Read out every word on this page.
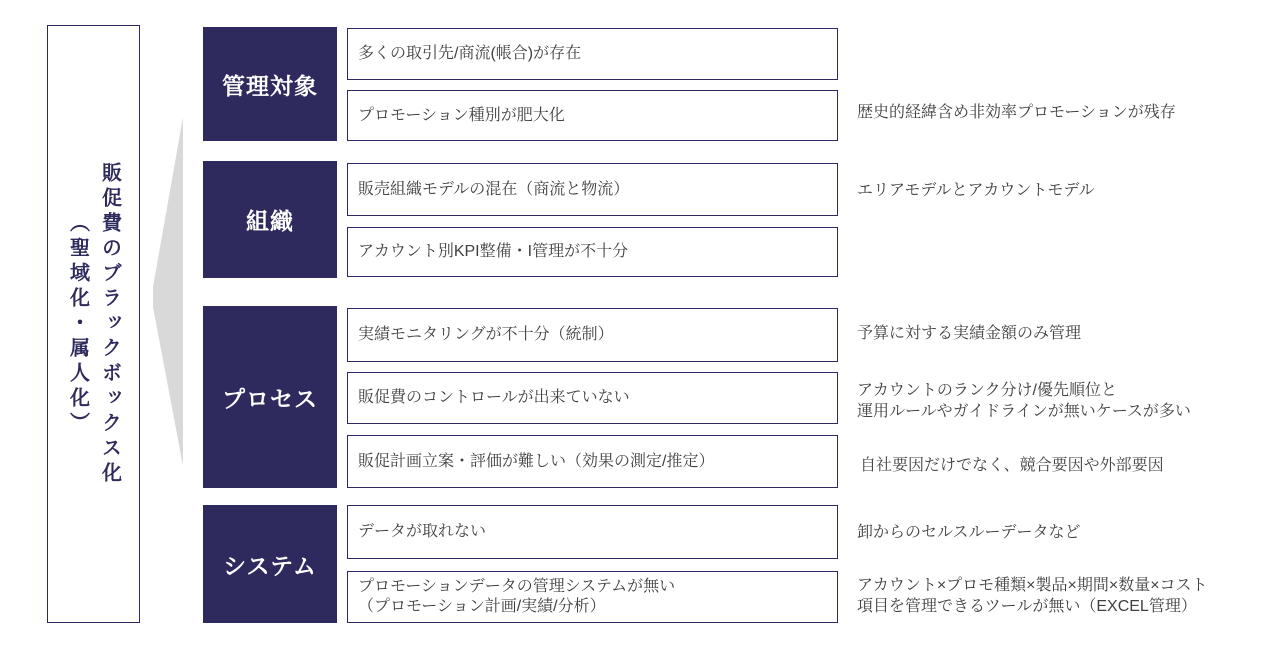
販促費のブラックボックス化
（聖域化・属人化）
管理対象
組織
プロセス
システム
多くの取引先/商流(帳合)が存在
プロモーション種別が肥大化
販売組織モデルの混在（商流と物流）
アカウント別KPI整備・I管理が不十分
実績モニタリングが不十分（統制）
販促費のコントロールが出来ていない
販促計画立案・評価が難しい（効果の測定/推定）
データが取れない
プロモーションデータの管理システムが無い
（プロモーション計画/実績/分析）
歴史的経緯含め非効率プロモーションが残存
エリアモデルとアカウントモデル
予算に対する実績金額のみ管理
アカウントのランク分け/優先順位と
運用ルールやガイドラインが無いケースが多い
自社要因だけでなく、競合要因や外部要因
卸からのセルスルーデータなど
アカウント×プロモ種類×製品×期間×数量×コスト
項目を管理できるツールが無い（EXCEL管理）
